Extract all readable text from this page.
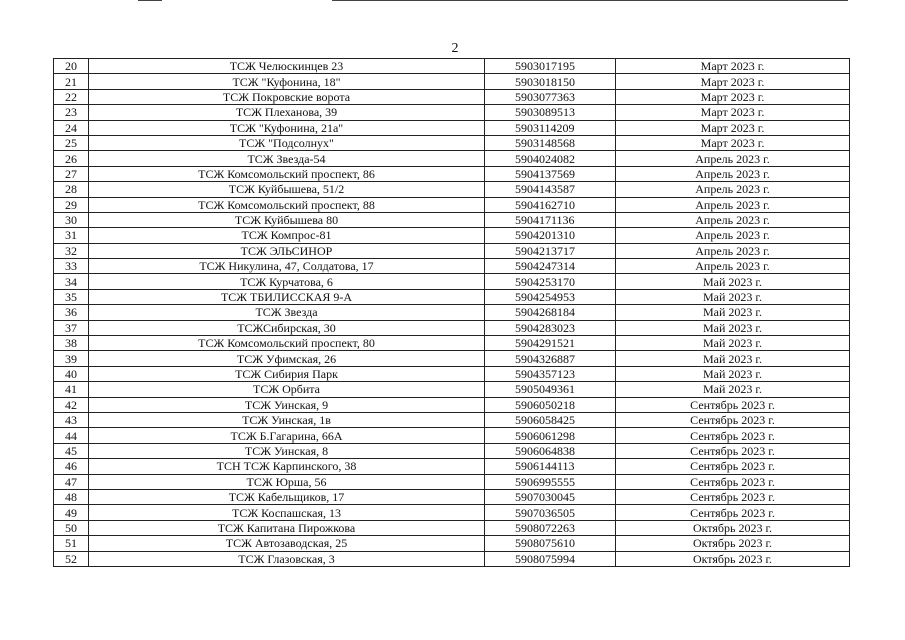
2
20	ТСЖ Челюскинцев 23	5903017195	Март 2023 г.
21	ТСЖ "Куфонина, 18"	5903018150	Март 2023 г.
22	ТСЖ Покровские ворота	5903077363	Март 2023 г.
23	ТСЖ Плеханова, 39	5903089513	Март 2023 г.
24	ТСЖ "Куфонина, 21а"	5903114209	Март 2023 г.
25	ТСЖ "Подсолнух"	5903148568	Март 2023 г.
26	ТСЖ Звезда-54	5904024082	Апрель 2023 г.
27	ТСЖ Комсомольский проспект, 86	5904137569	Апрель 2023 г.
28	ТСЖ Куйбышева, 51/2	5904143587	Апрель 2023 г.
29	ТСЖ Комсомольский проспект, 88	5904162710	Апрель 2023 г.
30	ТСЖ Куйбышева 80	5904171136	Апрель 2023 г.
31	ТСЖ Компрос-81	5904201310	Апрель 2023 г.
32	ТСЖ ЭЛЬСИНОР	5904213717	Апрель 2023 г.
33	ТСЖ Никулина, 47, Солдатова, 17	5904247314	Апрель 2023 г.
34	ТСЖ Курчатова, 6	5904253170	Май 2023 г.
35	ТСЖ ТБИЛИССКАЯ 9-А	5904254953	Май 2023 г.
36	ТСЖ Звезда	5904268184	Май 2023 г.
37	ТСЖСибирская, 30	5904283023	Май 2023 г.
38	ТСЖ Комсомольский проспект, 80	5904291521	Май 2023 г.
39	ТСЖ Уфимская, 26	5904326887	Май 2023 г.
40	ТСЖ Сибирия Парк	5904357123	Май 2023 г.
41	ТСЖ Орбита	5905049361	Май 2023 г.
42	ТСЖ Уинская, 9	5906050218	Сентябрь 2023 г.
43	ТСЖ Уинская, 1в	5906058425	Сентябрь 2023 г.
44	ТСЖ Б.Гагарина, 66А	5906061298	Сентябрь 2023 г.
45	ТСЖ Уинская, 8	5906064838	Сентябрь 2023 г.
46	ТСН ТСЖ Карпинского, 38	5906144113	Сентябрь 2023 г.
47	ТСЖ Юрша, 56	5906995555	Сентябрь 2023 г.
48	ТСЖ Кабельщиков, 17	5907030045	Сентябрь 2023 г.
49	ТСЖ Коспашская, 13	5907036505	Сентябрь 2023 г.
50	ТСЖ Капитана Пирожкова	5908072263	Октябрь 2023 г.
51	ТСЖ Автозаводская, 25	5908075610	Октябрь 2023 г.
52	ТСЖ Глазовская, 3	5908075994	Октябрь 2023 г.
